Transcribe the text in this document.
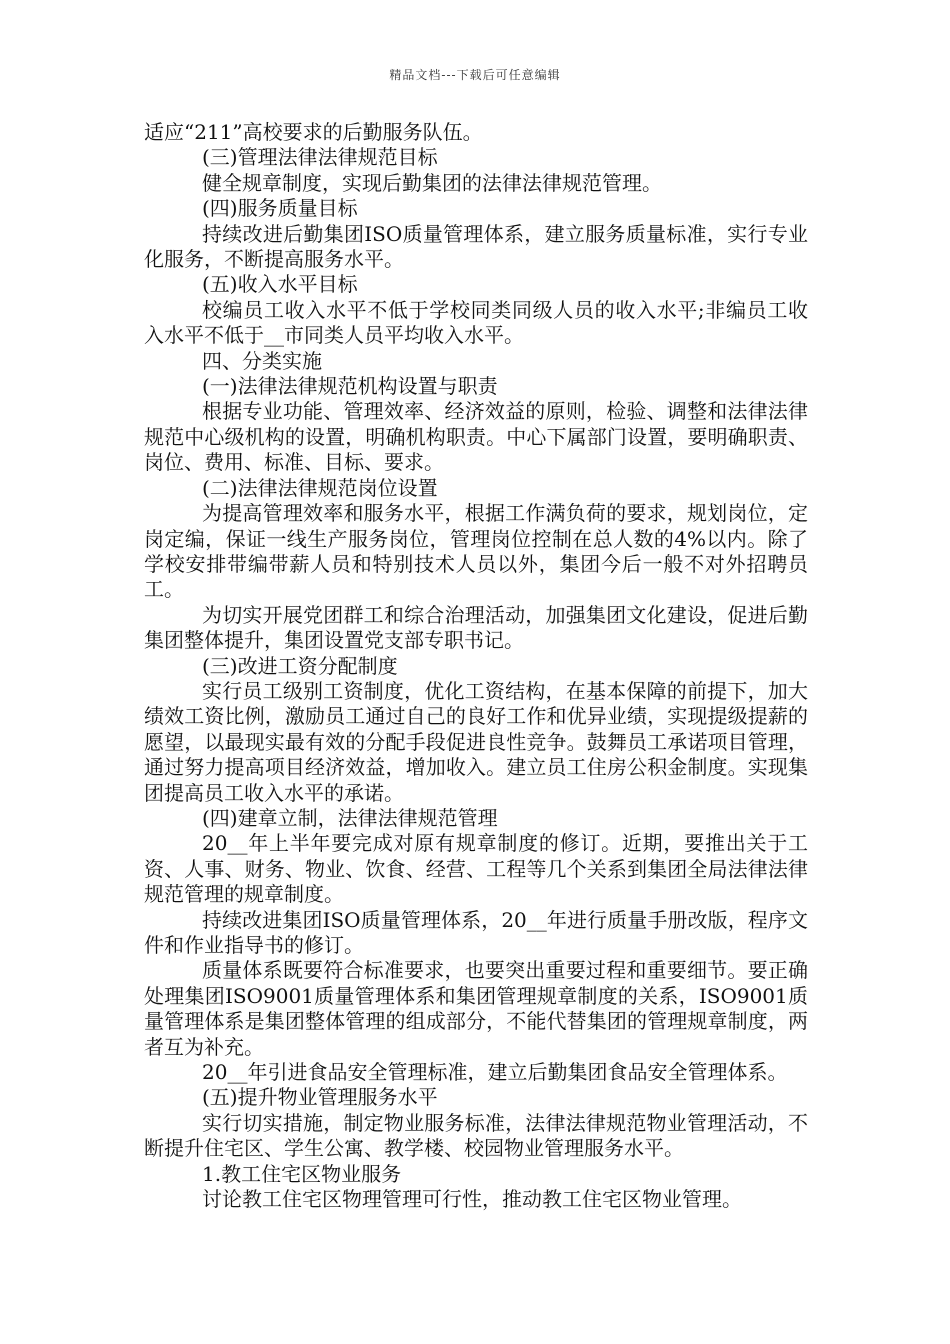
精品文档---下载后可任意编辑

适应“211”高校要求的后勤服务队伍。

(三)管理法律法律规范目标

健全规章制度，实现后勤集团的法律法律规范管理。

(四)服务质量目标

持续改进后勤集团ISO质量管理体系，建立服务质量标准，实行专业化服务，不断提高服务水平。

(五)收入水平目标

校编员工收入水平不低于学校同类同级人员的收入水平;非编员工收入水平不低于__市同类人员平均收入水平。

四、分类实施

(一)法律法律规范机构设置与职责

根据专业功能、管理效率、经济效益的原则，检验、调整和法律法律规范中心级机构的设置，明确机构职责。中心下属部门设置，要明确职责、岗位、费用、标准、目标、要求。

(二)法律法律规范岗位设置

为提高管理效率和服务水平，根据工作满负荷的要求，规划岗位，定岗定编，保证一线生产服务岗位，管理岗位控制在总人数的4%以内。除了学校安排带编带薪人员和特别技术人员以外，集团今后一般不对外招聘员工。

为切实开展党团群工和综合治理活动，加强集团文化建设，促进后勤集团整体提升，集团设置党支部专职书记。

(三)改进工资分配制度

实行员工级别工资制度，优化工资结构，在基本保障的前提下，加大绩效工资比例，激励员工通过自己的良好工作和优异业绩，实现提级提薪的愿望，以最现实最有效的分配手段促进良性竞争。鼓舞员工承诺项目管理，通过努力提高项目经济效益，增加收入。建立员工住房公积金制度。实现集团提高员工收入水平的承诺。

(四)建章立制，法律法律规范管理

20__年上半年要完成对原有规章制度的修订。近期，要推出关于工资、人事、财务、物业、饮食、经营、工程等几个关系到集团全局法律法律规范管理的规章制度。

持续改进集团ISO质量管理体系，20__年进行质量手册改版，程序文件和作业指导书的修订。

质量体系既要符合标准要求，也要突出重要过程和重要细节。要正确处理集团ISO9001质量管理体系和集团管理规章制度的关系，ISO9001质量管理体系是集团整体管理的组成部分，不能代替集团的管理规章制度，两者互为补充。

20__年引进食品安全管理标准，建立后勤集团食品安全管理体系。

(五)提升物业管理服务水平

实行切实措施，制定物业服务标准，法律法律规范物业管理活动，不断提升住宅区、学生公寓、教学楼、校园物业管理服务水平。

1.教工住宅区物业服务

讨论教工住宅区物理管理可行性，推动教工住宅区物业管理。
